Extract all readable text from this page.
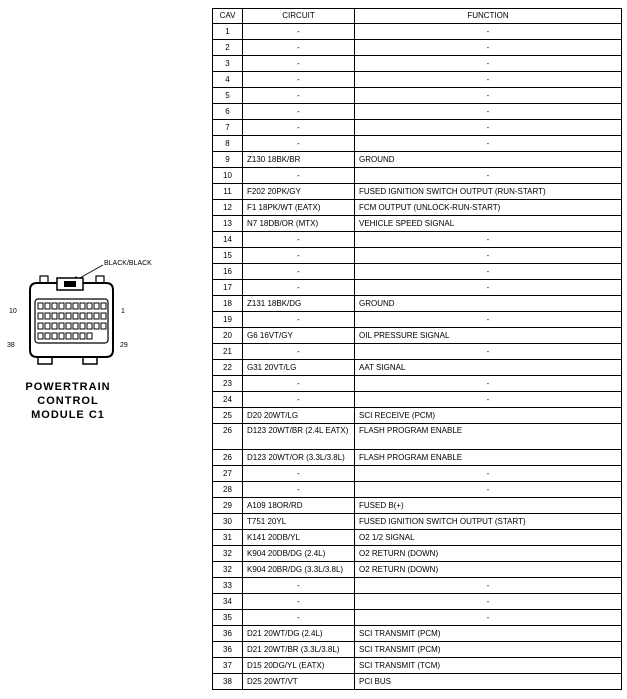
BLACK/BLACK
10	1
38	29
POWERTRAIN
CONTROL
MODULE C1
CAV	CIRCUIT	FUNCTION
1	-	-
2	-	-
3	-	-
4	-	-
5	-	-
6	-	-
7	-	-
8	-	-
9	Z130 18BK/BR	GROUND
10	-	-
11	F202 20PK/GY	FUSED IGNITION SWITCH OUTPUT (RUN-START)
12	F1 18PK/WT (EATX)	FCM OUTPUT (UNLOCK-RUN-START)
13	N7 18DB/OR (MTX)	VEHICLE SPEED SIGNAL
14	-	-
15	-	-
16	-	-
17	-	-
18	Z131 18BK/DG	GROUND
19	-	-
20	G6 16VT/GY	OIL PRESSURE SIGNAL
21	-	-
22	G31 20VT/LG	AAT SIGNAL
23	-	-
24	-	-
25	D20 20WT/LG	SCI RECEIVE (PCM)
26	D123 20WT/BR (2.4L EATX)	FLASH PROGRAM ENABLE
26	D123 20WT/OR (3.3L/3.8L)	FLASH PROGRAM ENABLE
27	-	-
28	-	-
29	A109 18OR/RD	FUSED B(+)
30	T751 20YL	FUSED IGNITION SWITCH OUTPUT (START)
31	K141 20DB/YL	O2 1/2 SIGNAL
32	K904 20DB/DG (2.4L)	O2 RETURN (DOWN)
32	K904 20BR/DG (3.3L/3.8L)	O2 RETURN (DOWN)
33	-	-
34	-	-
35	-	-
36	D21 20WT/DG (2.4L)	SCI TRANSMIT (PCM)
36	D21 20WT/BR (3.3L/3.8L)	SCI TRANSMIT (PCM)
37	D15 20DG/YL (EATX)	SCI TRANSMIT (TCM)
38	D25 20WT/VT	PCI BUS
